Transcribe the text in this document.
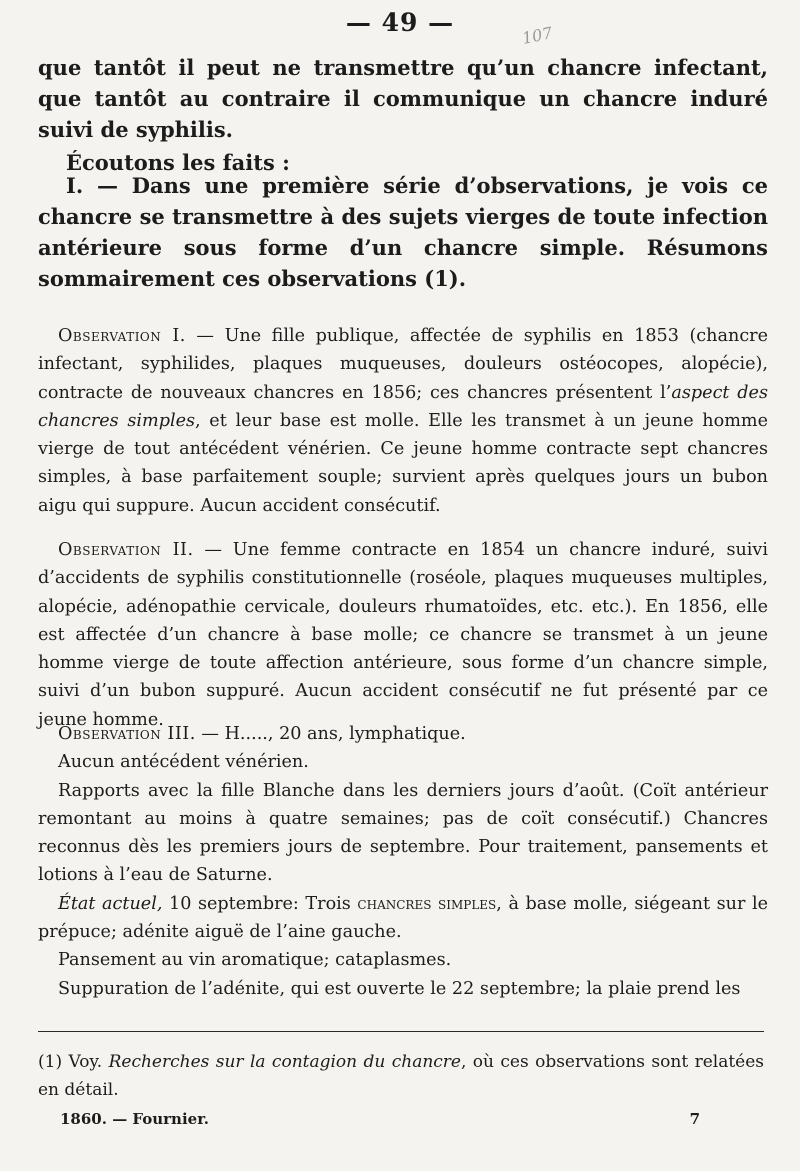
— 49 —	107

que tantôt il peut ne transmettre qu’un chancre infectant, que tantôt au contraire il communique un chancre induré suivi de syphilis.

Écoutons les faits :

I. — Dans une première série d’observations, je vois ce chancre se transmettre à des sujets vierges de toute infection antérieure sous forme d’un chancre simple. Résumons sommairement ces observations (1).

Observation I. — Une fille publique, affectée de syphilis en 1853 (chancre infectant, syphilides, plaques muqueuses, douleurs ostéocopes, alopécie), contracte de nouveaux chancres en 1856; ces chancres présentent l’aspect des chancres simples, et leur base est molle. Elle les transmet à un jeune homme vierge de tout antécédent vénérien. Ce jeune homme contracte sept chancres simples, à base parfaitement souple; survient après quelques jours un bubon aigu qui suppure. Aucun accident consécutif.

Observation II. — Une femme contracte en 1854 un chancre induré, suivi d’accidents de syphilis constitutionnelle (roséole, plaques muqueuses multiples, alopécie, adénopathie cervicale, douleurs rhumatoïdes, etc. etc.). En 1856, elle est affectée d’un chancre à base molle; ce chancre se transmet à un jeune homme vierge de toute affection antérieure, sous forme d’un chancre simple, suivi d’un bubon suppuré. Aucun accident consécutif ne fut présenté par ce jeune homme.

Observation III. — H....., 20 ans, lymphatique.

Aucun antécédent vénérien.

Rapports avec la fille Blanche dans les derniers jours d’août. (Coït antérieur remontant au moins à quatre semaines; pas de coït consécutif.) Chancres reconnus dès les premiers jours de septembre. Pour traitement, pansements et lotions à l’eau de Saturne.

État actuel, 10 septembre: Trois chancres simples, à base molle, siégeant sur le prépuce; adénite aiguë de l’aine gauche.

Pansement au vin aromatique; cataplasmes.

Suppuration de l’adénite, qui est ouverte le 22 septembre; la plaie prend les

(1) Voy. Recherches sur la contagion du chancre, où ces observations sont relatées en détail.
1860. — Fournier.	7
